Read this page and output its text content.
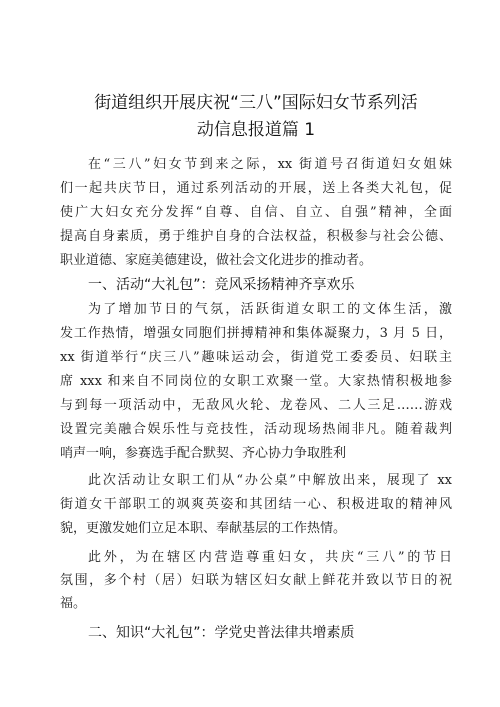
街道组织开展庆祝“三八”国际妇女节系列活
动信息报道篇 1
在“三八”妇女节到来之际，xx 街道号召街道妇女姐妹
们一起共庆节日，通过系列活动的开展，送上各类大礼包，促
使广大妇女充分发挥“自尊、自信、自立、自强”精神，全面
提高自身素质，勇于维护自身的合法权益，积极参与社会公德、
职业道德、家庭美德建设，做社会文化进步的推动者。
一、活动“大礼包”：竞风采扬精神齐享欢乐
为了增加节日的气氛，活跃街道女职工的文体生活，激
发工作热情，增强女同胞们拼搏精神和集体凝聚力，3 月 5 日，
xx 街道举行“庆三八”趣味运动会，街道党工委委员、妇联主
席 xxx 和来自不同岗位的女职工欢聚一堂。大家热情积极地参
与到每一项活动中，无敌风火轮、龙卷风、二人三足……游戏
设置完美融合娱乐性与竞技性，活动现场热闹非凡。随着裁判
哨声一响，参赛选手配合默契、齐心协力争取胜利
此次活动让女职工们从“办公桌”中解放出来，展现了 xx
街道女干部职工的飒爽英姿和其团结一心、积极进取的精神风
貌，更激发她们立足本职、奉献基层的工作热情。
此外，为在辖区内营造尊重妇女，共庆“三八”的节日
氛围，多个村（居）妇联为辖区妇女献上鲜花并致以节日的祝
福。
二、知识“大礼包”：学党史普法律共增素质
